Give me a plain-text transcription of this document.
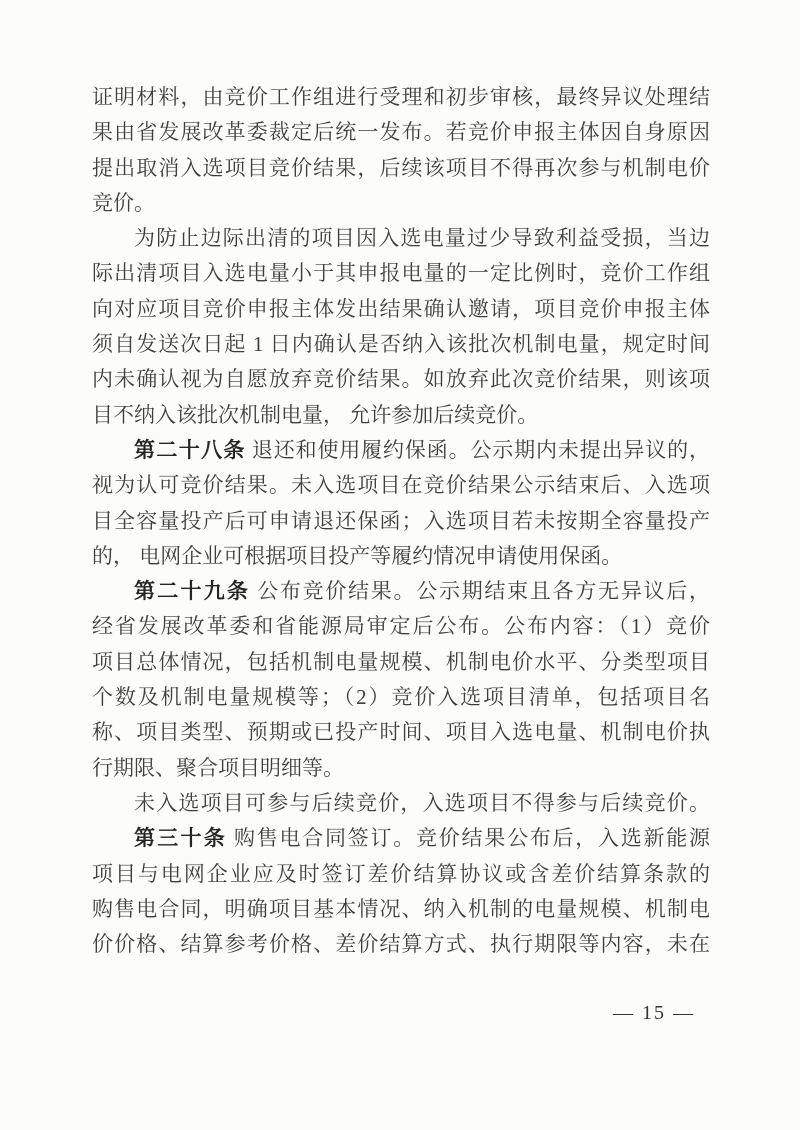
证明材料，由竞价工作组进行受理和初步审核，最终异议处理结
果由省发展改革委裁定后统一发布。若竞价申报主体因自身原因
提出取消入选项目竞价结果，后续该项目不得再次参与机制电价
竞价。
为防止边际出清的项目因入选电量过少导致利益受损，当边
际出清项目入选电量小于其申报电量的一定比例时，竞价工作组
向对应项目竞价申报主体发出结果确认邀请，项目竞价申报主体
须自发送次日起 1 日内确认是否纳入该批次机制电量，规定时间
内未确认视为自愿放弃竞价结果。如放弃此次竞价结果，则该项
目不纳入该批次机制电量， 允许参加后续竞价。
第二十八条 退还和使用履约保函。公示期内未提出异议的，
视为认可竞价结果。未入选项目在竞价结果公示结束后、入选项
目全容量投产后可申请退还保函；入选项目若未按期全容量投产
的， 电网企业可根据项目投产等履约情况申请使用保函。
第二十九条 公布竞价结果。公示期结束且各方无异议后，
经省发展改革委和省能源局审定后公布。公布内容：（1）竞价
项目总体情况，包括机制电量规模、机制电价水平、分类型项目
个数及机制电量规模等；（2）竞价入选项目清单，包括项目名
称、项目类型、预期或已投产时间、项目入选电量、机制电价执
行期限、聚合项目明细等。
未入选项目可参与后续竞价，入选项目不得参与后续竞价。
第三十条 购售电合同签订。竞价结果公布后，入选新能源
项目与电网企业应及时签订差价结算协议或含差价结算条款的
购售电合同，明确项目基本情况、纳入机制的电量规模、机制电
价价格、结算参考价格、差价结算方式、执行期限等内容，未在
— 15 —
